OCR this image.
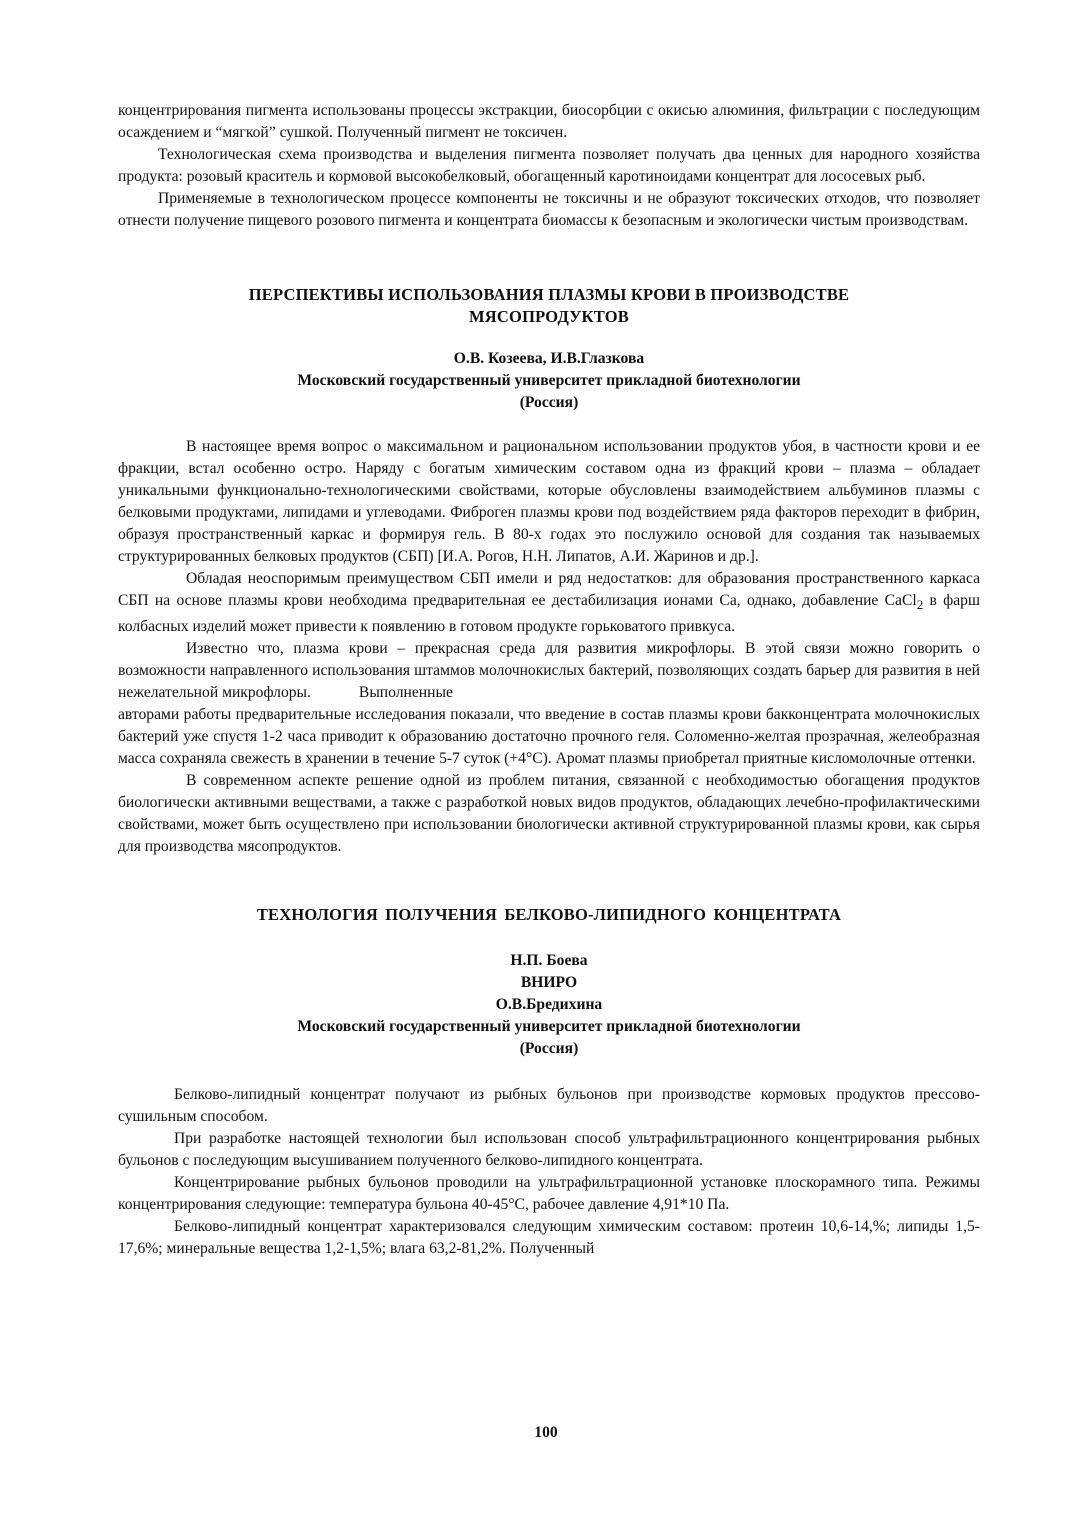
концентрирования пигмента использованы процессы экстракции, биосорбции с окисью алюминия, фильтрации с последующим осаждением и “мягкой” сушкой. Полученный пигмент не токсичен.

Технологическая схема производства и выделения пигмента позволяет получать два ценных для народного хозяйства продукта: розовый краситель и кормовой высокобелковый, обогащенный каротиноидами концентрат для лососевых рыб.

Применяемые в технологическом процессе компоненты не токсичны и не образуют токсических отходов, что позволяет отнести получение пищевого розового пигмента и концентрата биомассы к безопасным и экологически чистым производствам.

ПЕРСПЕКТИВЫ ИСПОЛЬЗОВАНИЯ ПЛАЗМЫ КРОВИ В ПРОИЗВОДСТВЕ
МЯСОПРОДУКТОВ
О.В. Козеева, И.В.Глазкова
Московский государственный университет прикладной биотехнологии
(Россия)

В настоящее время вопрос о максимальном и рациональном использовании продуктов убоя, в частности крови и ее фракции, встал особенно остро. Наряду с богатым химическим составом одна из фракций крови – плазма – обладает уникальными функционально-технологическими свойствами, которые обусловлены взаимодействием альбуминов плазмы с белковыми продуктами, липидами и углеводами. Фиброген плазмы крови под воздействием ряда факторов переходит в фибрин, образуя пространственный каркас и формируя гель. В 80-х годах это послужило основой для создания так называемых структурированных белковых продуктов (СБП) [И.А. Рогов, Н.Н. Липатов, А.И. Жаринов и др.].

Обладая неоспоримым преимуществом СБП имели и ряд недостатков: для образования пространственного каркаса СБП на основе плазмы крови необходима предварительная ее дестабилизация ионами Са, однако, добавление CaCl$_2$ в фарш колбасных изделий может привести к появлению в готовом продукте горьковатого привкуса.

Известно что, плазма крови – прекрасная среда для развития микрофлоры. В этой связи можно говорить о возможности направленного использования штаммов молочнокислых бактерий, позволяющих создать барьер для развития в ней нежелательной микрофлоры.	Выполненные

авторами работы предварительные исследования показали, что введение в состав плазмы крови бакконцентрата молочнокислых бактерий уже спустя 1-2 часа приводит к образованию достаточно прочного геля. Соломенно-желтая прозрачная, желеобразная масса сохраняла свежесть в хранении в течение 5-7 суток (+4°С). Аромат плазмы приобретал приятные кисломолочные оттенки.

В современном аспекте решение одной из проблем питания, связанной с необходимостью обогащения продуктов биологически активными веществами, а также с разработкой новых видов продуктов, обладающих лечебно-профилактическими свойствами, может быть осуществлено при использовании биологически активной структурированной плазмы крови, как сырья для производства мясопродуктов.

ТЕХНОЛОГИЯ ПОЛУЧЕНИЯ БЕЛКОВО-ЛИПИДНОГО КОНЦЕНТРАТА
Н.П. Боева
ВНИРО
О.В.Бредихина
Московский государственный университет прикладной биотехнологии
(Россия)

Белково-липидный концентрат получают из рыбных бульонов при производстве кормовых продуктов прессово-сушильным способом.

При разработке настоящей технологии был использован способ ультрафильтрационного концентрирования рыбных бульонов с последующим высушиванием полученного белково-липидного концентрата.

Концентрирование рыбных бульонов проводили на ультрафильтрационной установке плоскорамного типа. Режимы концентрирования следующие: температура бульона 40-45°С, рабочее давление 4,91*10 Па.

Белково-липидный концентрат характеризовался следующим химическим составом: протеин 10,6-14,%; липиды 1,5-17,6%; минеральные вещества 1,2-1,5%; влага 63,2-81,2%. Полученный

100
